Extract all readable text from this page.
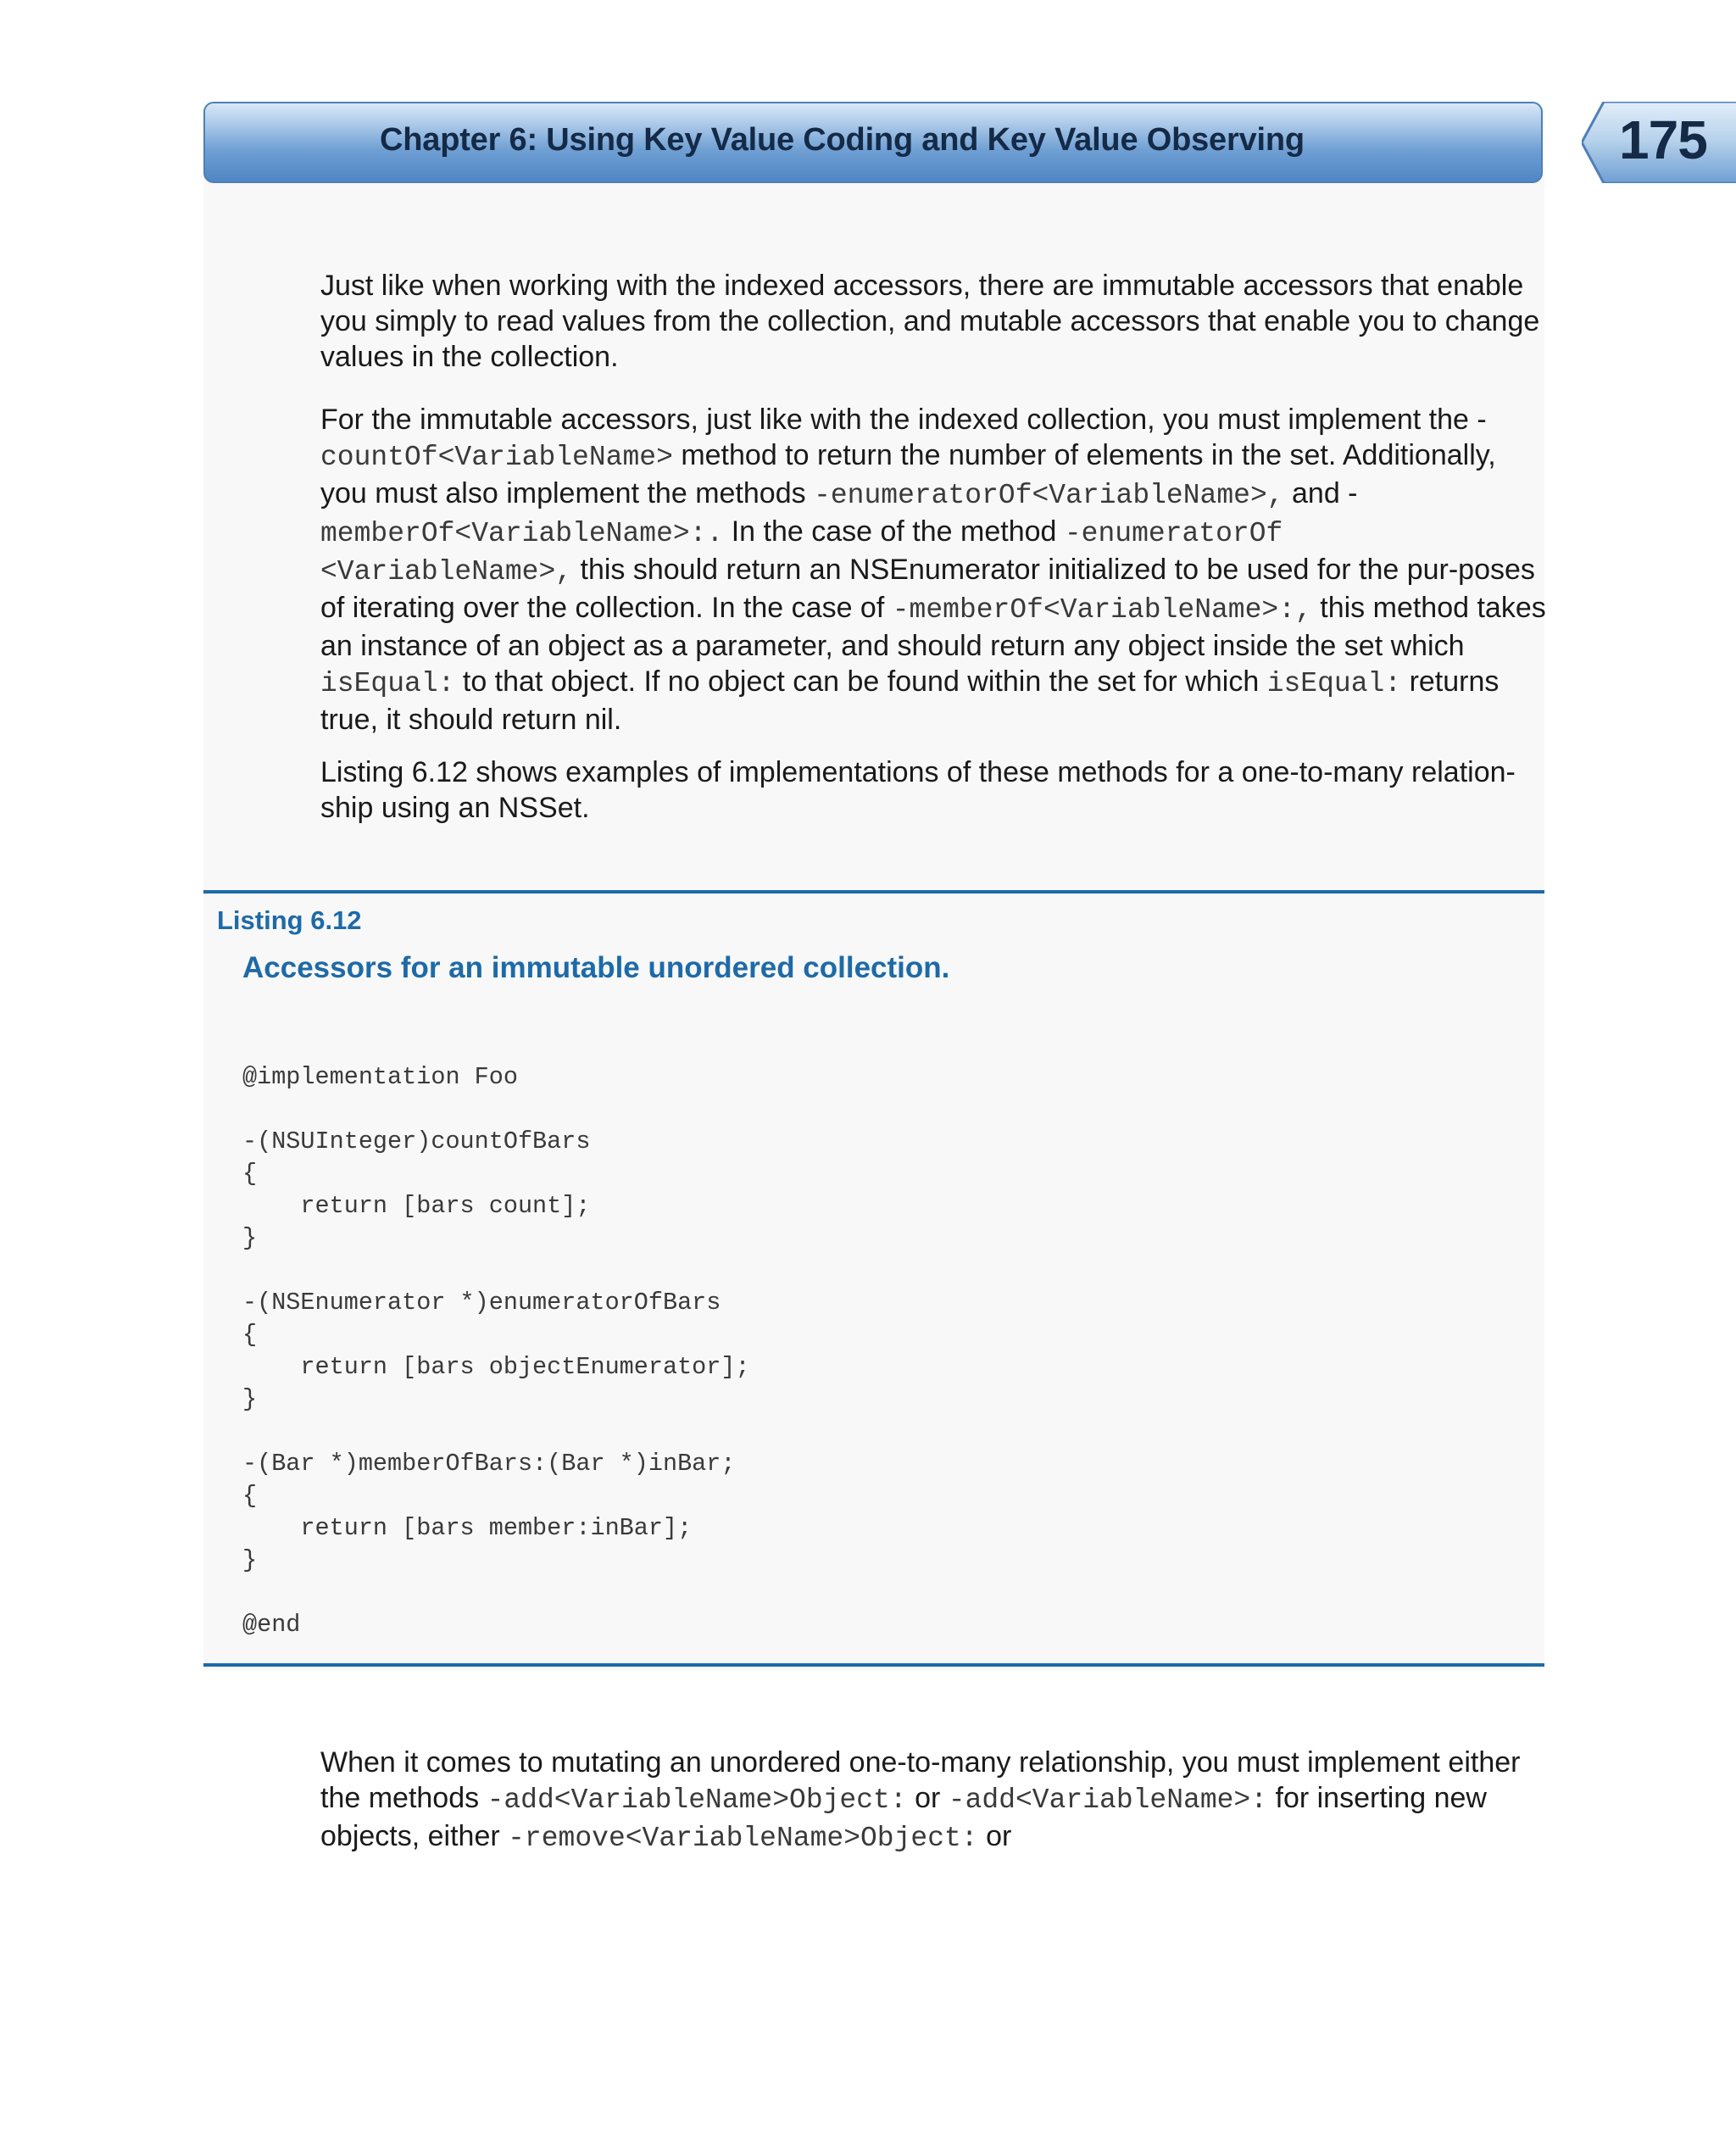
Chapter 6: Using Key Value Coding and Key Value Observing	175

Just like when working with the indexed accessors, there are immutable accessors that enable you simply to read values from the collection, and mutable accessors that enable you to change values in the collection.

For the immutable accessors, just like with the indexed collection, you must implement the -countOf<VariableName> method to return the number of elements in the set. Additionally, you must also implement the methods -enumeratorOf<VariableName>, and -memberOf<VariableName>:. In the case of the method -enumeratorOf <VariableName>, this should return an NSEnumerator initialized to be used for the pur-poses of iterating over the collection. In the case of -memberOf<VariableName>:, this method takes an instance of an object as a parameter, and should return any object inside the set which isEqual: to that object. If no object can be found within the set for which isEqual: returns true, it should return nil.

Listing 6.12 shows examples of implementations of these methods for a one-to-many relation-ship using an NSSet.

Listing 6.12
Accessors for an immutable unordered collection.
@implementation Foo

-(NSUInteger)countOfBars
{
return [bars count];
}

-(NSEnumerator *)enumeratorOfBars
{
return [bars objectEnumerator];
}

-(Bar *)memberOfBars:(Bar *)inBar;
{
return [bars member:inBar];
}

@end

When it comes to mutating an unordered one-to-many relationship, you must implement either the methods -add<VariableName>Object: or -add<VariableName>: for inserting new objects, either -remove<VariableName>Object: or
